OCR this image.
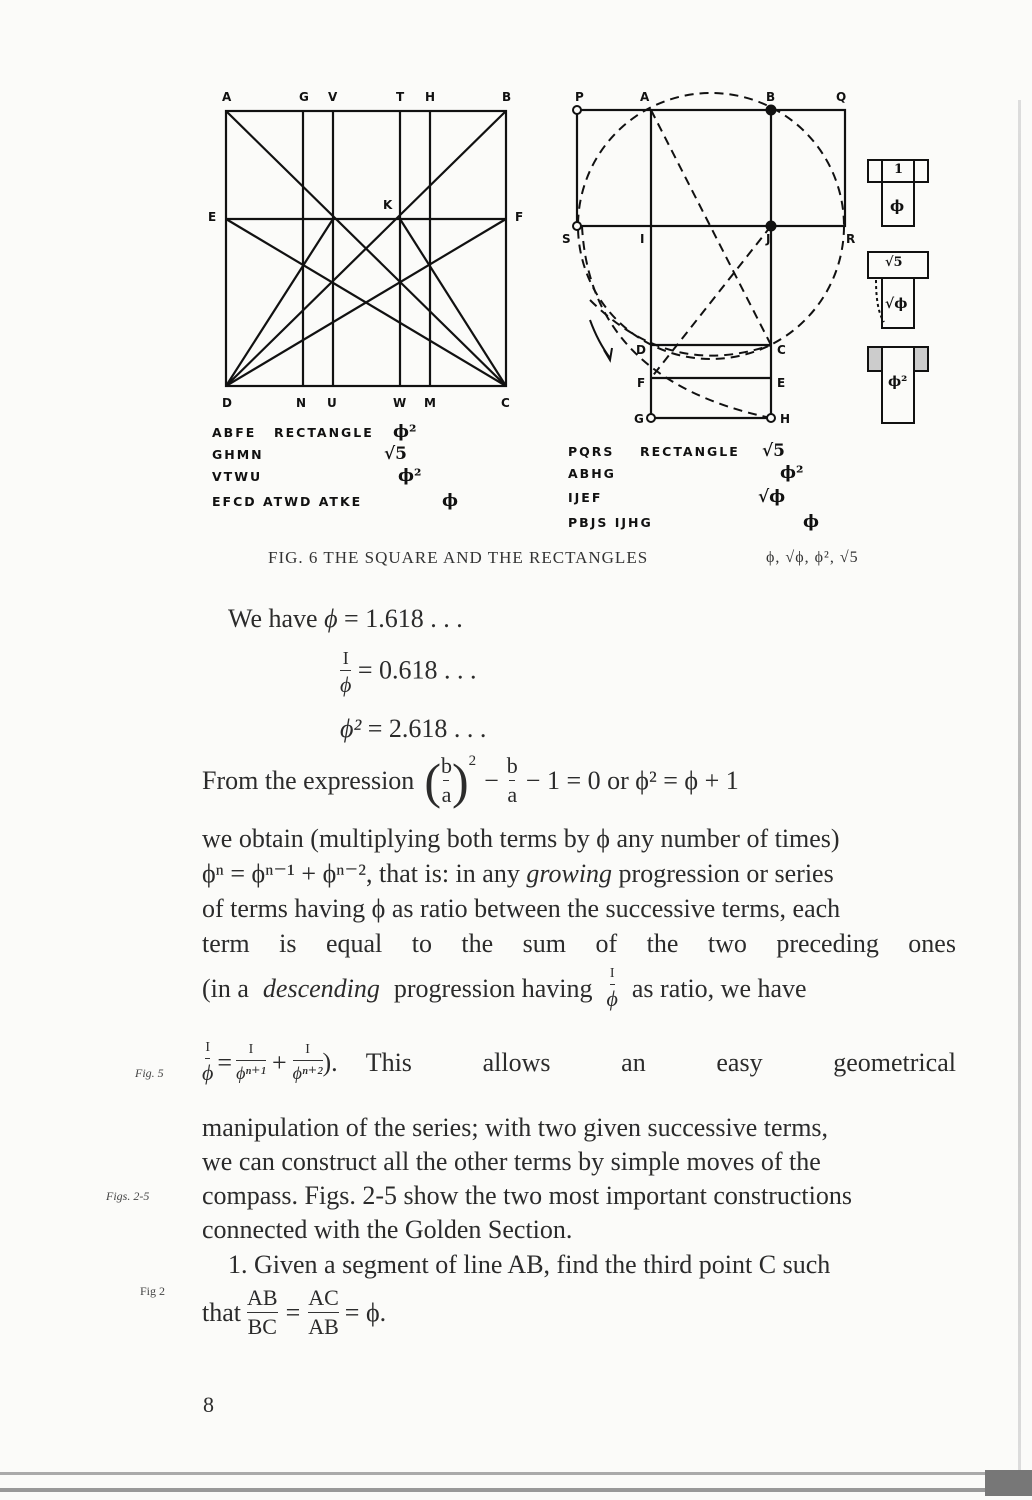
A	G V	T H	B
E	F
K
D	N U	W M	C
ABFE RECTANGLE ϕ²
GHMN	√5
VTWU	ϕ²
EFCD ATWD ATKE	ϕ
P	A	B	Q
S	I	J	R
D	C
F	E
G	H
PQRS RECTANGLE √5
ABHG	ϕ²
IJEF	√ϕ
PBJS IJHG	ϕ
1
ϕ
√5
√ϕ
ϕ²
FIG. 6 THE SQUARE AND THE RECTANGLES	ϕ, √ϕ, ϕ², √5
We have ϕ = 1.618 . . .
$\frac{I}{\phi} = 0.618$ . . .
ϕ² = 2.618 . . .
From the expression ( $\frac{b}{a} )^2$
− $\frac{b}{a} - 1 = 0$ or ϕ² = ϕ + 1
we obtain (multiplying both terms by ϕ any number of times)
ϕⁿ = ϕⁿ⁻¹ + ϕⁿ⁻², that is: in any growing progression or series
of terms having ϕ as ratio between the successive terms, each
term is equal to the sum of the two preceding ones
(in a descending progression having $\frac{I}{\phi}$ as ratio, we have
Fig. 5	$\frac{I}{\phi} = \frac{I}{\text{ϕⁿ⁺¹}} + \frac{I}{\text{ϕⁿ⁺²}}$ ). This	allows	an	easy	geometrical
manipulation of the series; with two given successive terms,
we can construct all the other terms by simple moves of the
Figs. 2-5 compass. Figs. 2-5 show the two most important constructions
connected with the Golden Section.
1. Given a segment of line AB, find the third point C such
Fig 2
that $\frac{AB}{BC} = \frac{AC}{AB} = \phi$.
8
